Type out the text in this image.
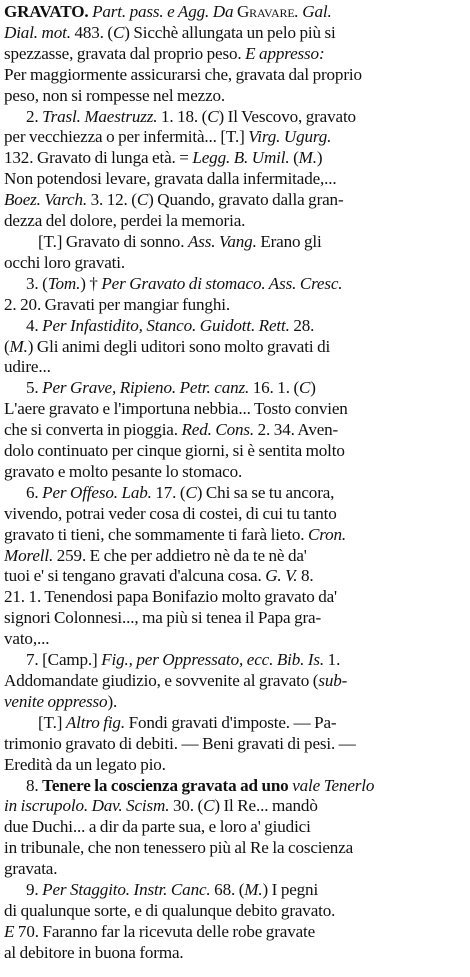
GRAVATO. Part. pass. e Agg. Da Gravare. Gal.
Dial. mot. 483. (C) Sicchè allungata un pelo più si
spezzasse, gravata dal proprio peso. E appresso:
Per maggiormente assicurarsi che, gravata dal proprio
peso, non si rompesse nel mezzo.
2. Trasl. Maestruzz. 1. 18. (C) Il Vescovo, gravato
per vecchiezza o per infermità... [T.] Virg. Ugurg.
132. Gravato di lunga età. = Legg. B. Umil. (M.)
Non potendosi levare, gravata dalla infermitade,...
Boez. Varch. 3. 12. (C) Quando, gravato dalla gran-
dezza del dolore, perdei la memoria.
[T.] Gravato di sonno. Ass. Vang. Erano gli
occhi loro gravati.
3. (Tom.) † Per Gravato di stomaco. Ass. Cresc.
2. 20. Gravati per mangiar funghi.
4. Per Infastidito, Stanco. Guidott. Rett. 28.
(M.) Gli animi degli uditori sono molto gravati di
udire...
5. Per Grave, Ripieno. Petr. canz. 16. 1. (C)
L'aere gravato e l'importuna nebbia... Tosto convien
che si converta in pioggia. Red. Cons. 2. 34. Aven-
dolo continuato per cinque giorni, si è sentita molto
gravato e molto pesante lo stomaco.
6. Per Offeso. Lab. 17. (C) Chi sa se tu ancora,
vivendo, potrai veder cosa di costei, di cui tu tanto
gravato ti tieni, che sommamente ti farà lieto. Cron.
Morell. 259. E che per addietro nè da te nè da'
tuoi e' si tengano gravati d'alcuna cosa. G. V. 8.
21. 1. Tenendosi papa Bonifazio molto gravato da'
signori Colonnesi..., ma più si tenea il Papa gra-
vato,...
7. [Camp.] Fig., per Oppressato, ecc. Bib. Is. 1.
Addomandate giudizio, e sovvenite al gravato (sub-
venite oppresso).
[T.] Altro fig. Fondi gravati d'imposte. — Pa-
trimonio gravato di debiti. — Beni gravati di pesi. —
Eredità da un legato pio.
8. Tenere la coscienza gravata ad uno vale Tenerlo
in iscrupolo. Dav. Scism. 30. (C) Il Re... mandò
due Duchi... a dir da parte sua, e loro a' giudici
in tribunale, che non tenessero più al Re la coscienza
gravata.
9. Per Staggito. Instr. Canc. 68. (M.) I pegni
di qualunque sorte, e di qualunque debito gravato.
E 70. Faranno far la ricevuta delle robe gravate
al debitore in buona forma.
